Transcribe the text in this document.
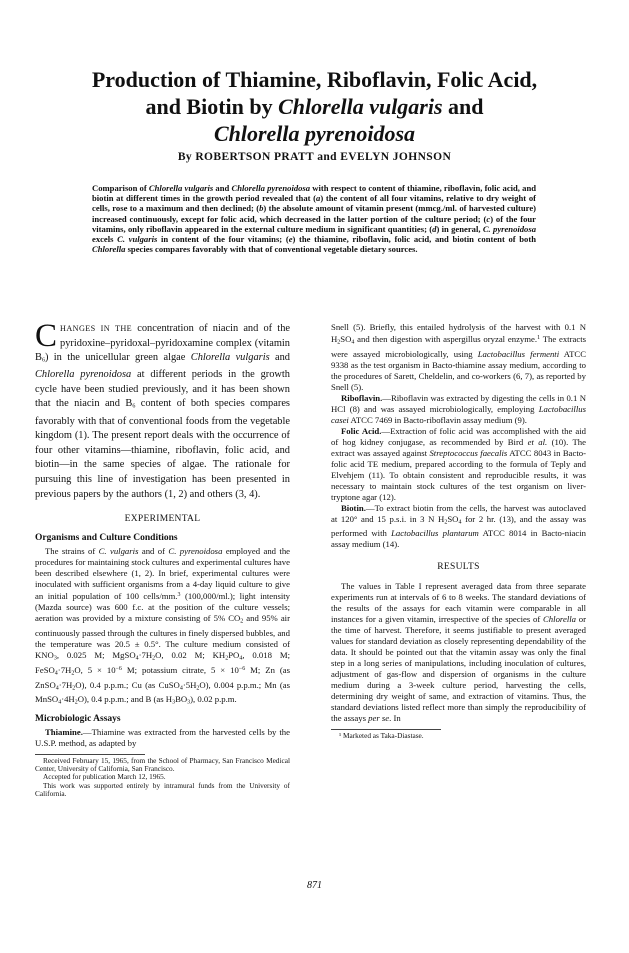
Production of Thiamine, Riboflavin, Folic Acid,
and Biotin by Chlorella vulgaris and
Chlorella pyrenoidosa
By ROBERTSON PRATT and EVELYN JOHNSON
Comparison of Chlorella vulgaris and Chlorella pyrenoidosa with respect to content of thiamine, riboflavin, folic acid, and biotin at different times in the growth period revealed that (a) the content of all four vitamins, relative to dry weight of cells, rose to a maximum and then declined; (b) the absolute amount of vitamin present (mmcg./ml. of harvested culture) increased continuously, except for folic acid, which decreased in the latter portion of the culture period; (c) of the four vitamins, only riboflavin appeared in the external culture medium in significant quantities; (d) in general, C. pyrenoidosa excels C. vulgaris in content of the four vitamins; (e) the thiamine, riboflavin, folic acid, and biotin content of both Chlorella species compares favorably with that of conventional vegetable dietary sources.

CHANGES IN THE concentration of niacin and of the pyridoxine–pyridoxal–pyridoxamine complex (vitamin $B_6$) in the unicellular green algae Chlorella vulgaris and Chlorella pyrenoidosa at different periods in the growth cycle have been studied previously, and it has been shown that the niacin and $B_6$ content of both species compares favorably with that of conventional foods from the vegetable kingdom (1). The present report deals with the occurrence of four other vitamins—thiamine, riboflavin, folic acid, and biotin—in the same species of algae. The rationale for pursuing this line of investigation has been presented in previous papers by the authors (1, 2) and others (3, 4).

EXPERIMENTAL
Organisms and Culture Conditions

The strains of C. vulgaris and of C. pyrenoidosa employed and the procedures for maintaining stock cultures and experimental cultures have been described elsewhere (1, 2). In brief, experimental cultures were inoculated with sufficient organisms from a 4-day liquid culture to give an initial population of 100 cells/mm.$^3$ (100,000/ml.); light intensity (Mazda source) was 600 f.c. at the position of the culture vessels; aeration was provided by a mixture consisting of 5% $CO_2$ and 95% air continuously passed through the cultures in finely dispersed bubbles, and the temperature was 20.5 ± 0.5°. The culture medium consisted of $KNO_3$, 0.025 M; $MgSO_4\cdot 7H_2O$, 0.02 M; $KH_2PO_4$, 0.018 M; $FeSO_4\cdot 7H_2O$, $5 \times 10^{-6}$ M; potassium citrate, $5 \times 10^{-6}$ M; Zn (as $ZnSO_4\cdot 7H_2O$), 0.4 p.p.m.; Cu (as $CuSO_4\cdot 5H_2O$), 0.004 p.p.m.; Mn (as $MnSO_4\cdot 4H_2O$), 0.4 p.p.m.; and B (as $H_3BO_3$), 0.02 p.p.m.

Microbiologic Assays

Thiamine.—Thiamine was extracted from the harvested cells by the U.S.P. method, as adapted by

Received February 15, 1965, from the School of Pharmacy, San Francisco Medical Center, University of California, San Francisco.

Accepted for publication March 12, 1965.

This work was supported entirely by intramural funds from the University of California.

Snell (5). Briefly, this entailed hydrolysis of the harvest with 0.1 N $H_2SO_4$ and then digestion with aspergillus oryzal enzyme.$^1$ The extracts were assayed microbiologically, using Lactobacillus fermenti ATCC 9338 as the test organism in Bacto-thiamine assay medium, according to the procedures of Sarett, Cheldelin, and co-workers (6, 7), as reported by Snell (5).

Riboflavin.—Riboflavin was extracted by digesting the cells in 0.1 N HCl (8) and was assayed microbiologically, employing Lactobacillus casei ATCC 7469 in Bacto-riboflavin assay medium (9).

Folic Acid.—Extraction of folic acid was accomplished with the aid of hog kidney conjugase, as recommended by Bird et al. (10). The extract was assayed against Streptococcus faecalis ATCC 8043 in Bacto-folic acid TE medium, prepared according to the formula of Teply and Elvehjem (11). To obtain consistent and reproducible results, it was necessary to maintain stock cultures of the test organism on liver-tryptone agar (12).

Biotin.—To extract biotin from the cells, the harvest was autoclaved at 120° and 15 p.s.i. in 3 N $H_2SO_4$ for 2 hr. (13), and the assay was performed with Lactobacillus plantarum ATCC 8014 in Bacto-niacin assay medium (14).

RESULTS

The values in Table I represent averaged data from three separate experiments run at intervals of 6 to 8 weeks. The standard deviations of the results of the assays for each vitamin were comparable in all instances for a given vitamin, irrespective of the species of Chlorella or the time of harvest. Therefore, it seems justifiable to present averaged values for standard deviation as closely representing dependability of the data. It should be pointed out that the vitamin assay was only the final step in a long series of manipulations, including inoculation of cultures, adjustment of gas-flow and dispersion of organisms in the culture medium during a 3-week culture period, harvesting the cells, determining dry weight of same, and extraction of vitamins. Thus, the standard deviations listed reflect more than simply the reproducibility of the assays per se. In

¹ Marketed as Taka-Diastase.

871
